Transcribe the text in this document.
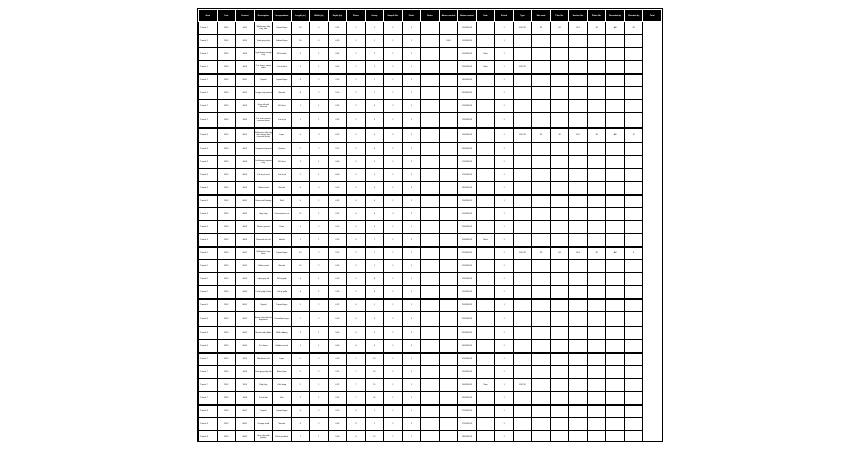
Area	Year	Context	Description	Interpretation	Length (m)	Width (m)	Depth (m)	Phase	Group	Sample No.	Finds	Notes	Above context	Below context	Date	Period	Type	Site code	Plan No.	Section No.	Photo No.	Recorded by	Checked by	Total
Trench 1	2019	1001	Mid brown silty clay, firm	Topsoil layer	12	4	0.25	1	1	1	1			12/03/2019		1	EXC19	P1	S1	Ph1	JS	AB	45	
Trench 1	2019	1002	Dark grey clay	Subsoil layer	10	4	0.30	1	1	1	1		1001	12/03/2019		1								
Trench 1	2019	1003	Light brown sandy clay	Fill of ditch	3	1	0.45	1	2	1	1			13/03/2019	Rom	1								
Trench 1	2019	1004	Cut, linear, steep sides	Cut of ditch	3	1	0.45	1	2	2	1			13/03/2019	Rom	1	EXC19							
Trench 2	2019	2001	Topsoil	Topsoil layer	8	2	0.20	2	1	1	1			14/03/2019		1								
Trench 2	2019	2002	Orange clay natural	Natural	8	2	0.10	2	1	1	1			14/03/2019		1								
Trench 2	2019	2003	Grey silt with charcoal	Fill of pit	1	1	0.35	2	3	2	1			15/03/2019		1								
Trench 2	2019	2004	Cut, sub-circular, concave base	Cut of pit	1	1	0.35	2	3	2	1			15/03/2019		1								
Trench 3	2019	3001	Mid brown silty clay with stones and charcoal flecks	Layer	6	3	0.25	3	4	3	2			16/03/2019		1	EXC19	P2	S2	Ph2	JS	AB	12	
Trench 3	2019	3002	Compacted gravel	Surface	5	2	0.15	3	4	2	2			16/03/2019		1								
Trench 3	2019	3003	Dark brown organic clay	Fill of pit	2	1	0.40	3	5	1	2			17/03/2019		1								
Trench 3	2019	3004	Cut of pit, oval	Cut of pit	2	1	0.40	3	5	1	2			17/03/2019		1								
Trench 3	2019	3005	Yellow sand	Natural	6	3	0.10	3	5	1	2			18/03/2019		1								
Trench 4	2019	4001	Stone wall footing	Wall	4	1	0.35	4	6	1	2			19/03/2019		1								
Trench 4	2019	4002	Grey clay	Construction cut	12	1	0.25	4	6	3	2			19/03/2019		1								
Trench 4	2019	4003	Mortar spread	Floor	4	2	0.10	4	6	1	1			20/03/2019		1								
Trench 4	2019	4004	Charcoal rich silt	Hearth	1	1	0.20	4	7	2	2			20/03/2019	Med	1								
Trench 5	2019	5001	Mid brown clay loam	Topsoil layer	10	2	0.25	5	1	1	1			21/03/2019		1	EXC19	P3	S3	Ph3	JS	AB	8	
Trench 5	2019	5002	Yellow sand	Natural	10	2	0.05	5	1	1	1			21/03/2019		1								
Trench 5	2019	5003	Light grey silt	Fill of gully	4	1	0.20	5	8	1	1			22/03/2019		1								
Trench 5	2019	5004	Cut of gully, linear	Cut of gully	4	1	0.20	5	8	1	1			22/03/2019		1								
Trench 6	2019	6001	Topsoil	Topsoil layer	9	2	0.25	6	1	1	1			23/03/2019		1								
Trench 6	2019	6002	Brown clay with tile fragments	Demolition layer	7	2	0.30	6	9	2	3			23/03/2019		1								
Trench 6	2019	6003	Mortar and rubble	Wall robbing	3	1	0.40	6	9	2	3			24/03/2019		1								
Trench 6	2019	6004	Cut, linear	Robber trench	3	1	0.40	6	9	1	3			24/03/2019		1								
Trench 7	2019	7001	Mid brown silt	Layer	5	2	0.20	7	10	1	1			25/03/2019		1								
Trench 7	2019	7002	Dark grey ashy silt	Burnt layer	5	2	0.15	7	10	1	1			25/03/2019		1								
Trench 7	2019	7003	Red clay	Kiln lining	2	1	0.25	7	11	1	1			26/03/2019	Rom	1	EXC19							
Trench 7	2019	7004	Cut of kiln	Kiln	2	1	0.50	7	11	1	1			26/03/2019		1								
Trench 8	2019	8001	Topsoil	Topsoil layer	6	2	0.25	8	1	1	1			27/03/2019		1								
Trench 8	2019	8002	Orange sand	Natural	6	2	0.05	8	1	1	1			27/03/2019		1								
Trench 8	2019	8003	Grey clay with pottery	Fill of posthole	1	1	0.30	8	12	1	1			28/03/2019		1								
